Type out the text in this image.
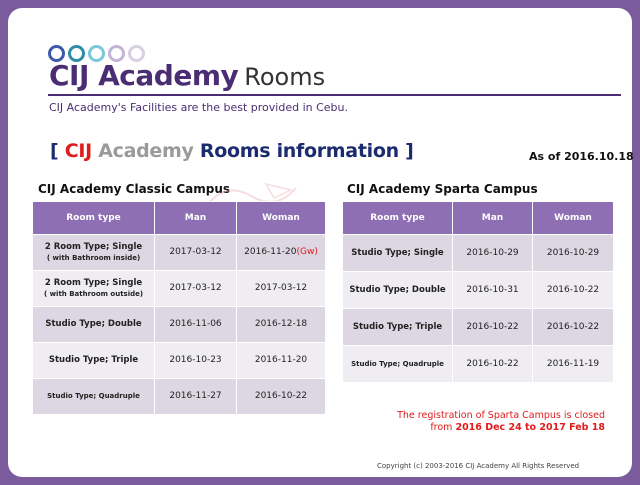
CIJ Academy Rooms
CIJ Academy's Facilities are the best provided in Cebu.
[ CIJ Academy Rooms information ]	As of 2016.10.18
CIJ Academy Classic Campus	CIJ Academy Sparta Campus
Room type	Man	Woman
2 Room Type; Single
( with Bathroom inside)	2017-03-12	2016-11-20(Gw)
2 Room Type; Single
( with Bathroom outside)	2017-03-12	2017-03-12
Studio Type; Double	2016-11-06	2016-12-18
Studio Type; Triple	2016-10-23	2016-11-20
Studio Type; Quadruple	2016-11-27	2016-10-22
Room type	Man	Woman
Studio Type; Single	2016-10-29	2016-10-29
Studio Type; Double	2016-10-31	2016-10-22
Studio Type; Triple	2016-10-22	2016-10-22
Studio Type; Quadruple	2016-10-22	2016-11-19
The registration of Sparta Campus is closed
from 2016 Dec 24 to 2017 Feb 18
Copyright (c) 2003-2016 CIJ Academy All Rights Reserved
